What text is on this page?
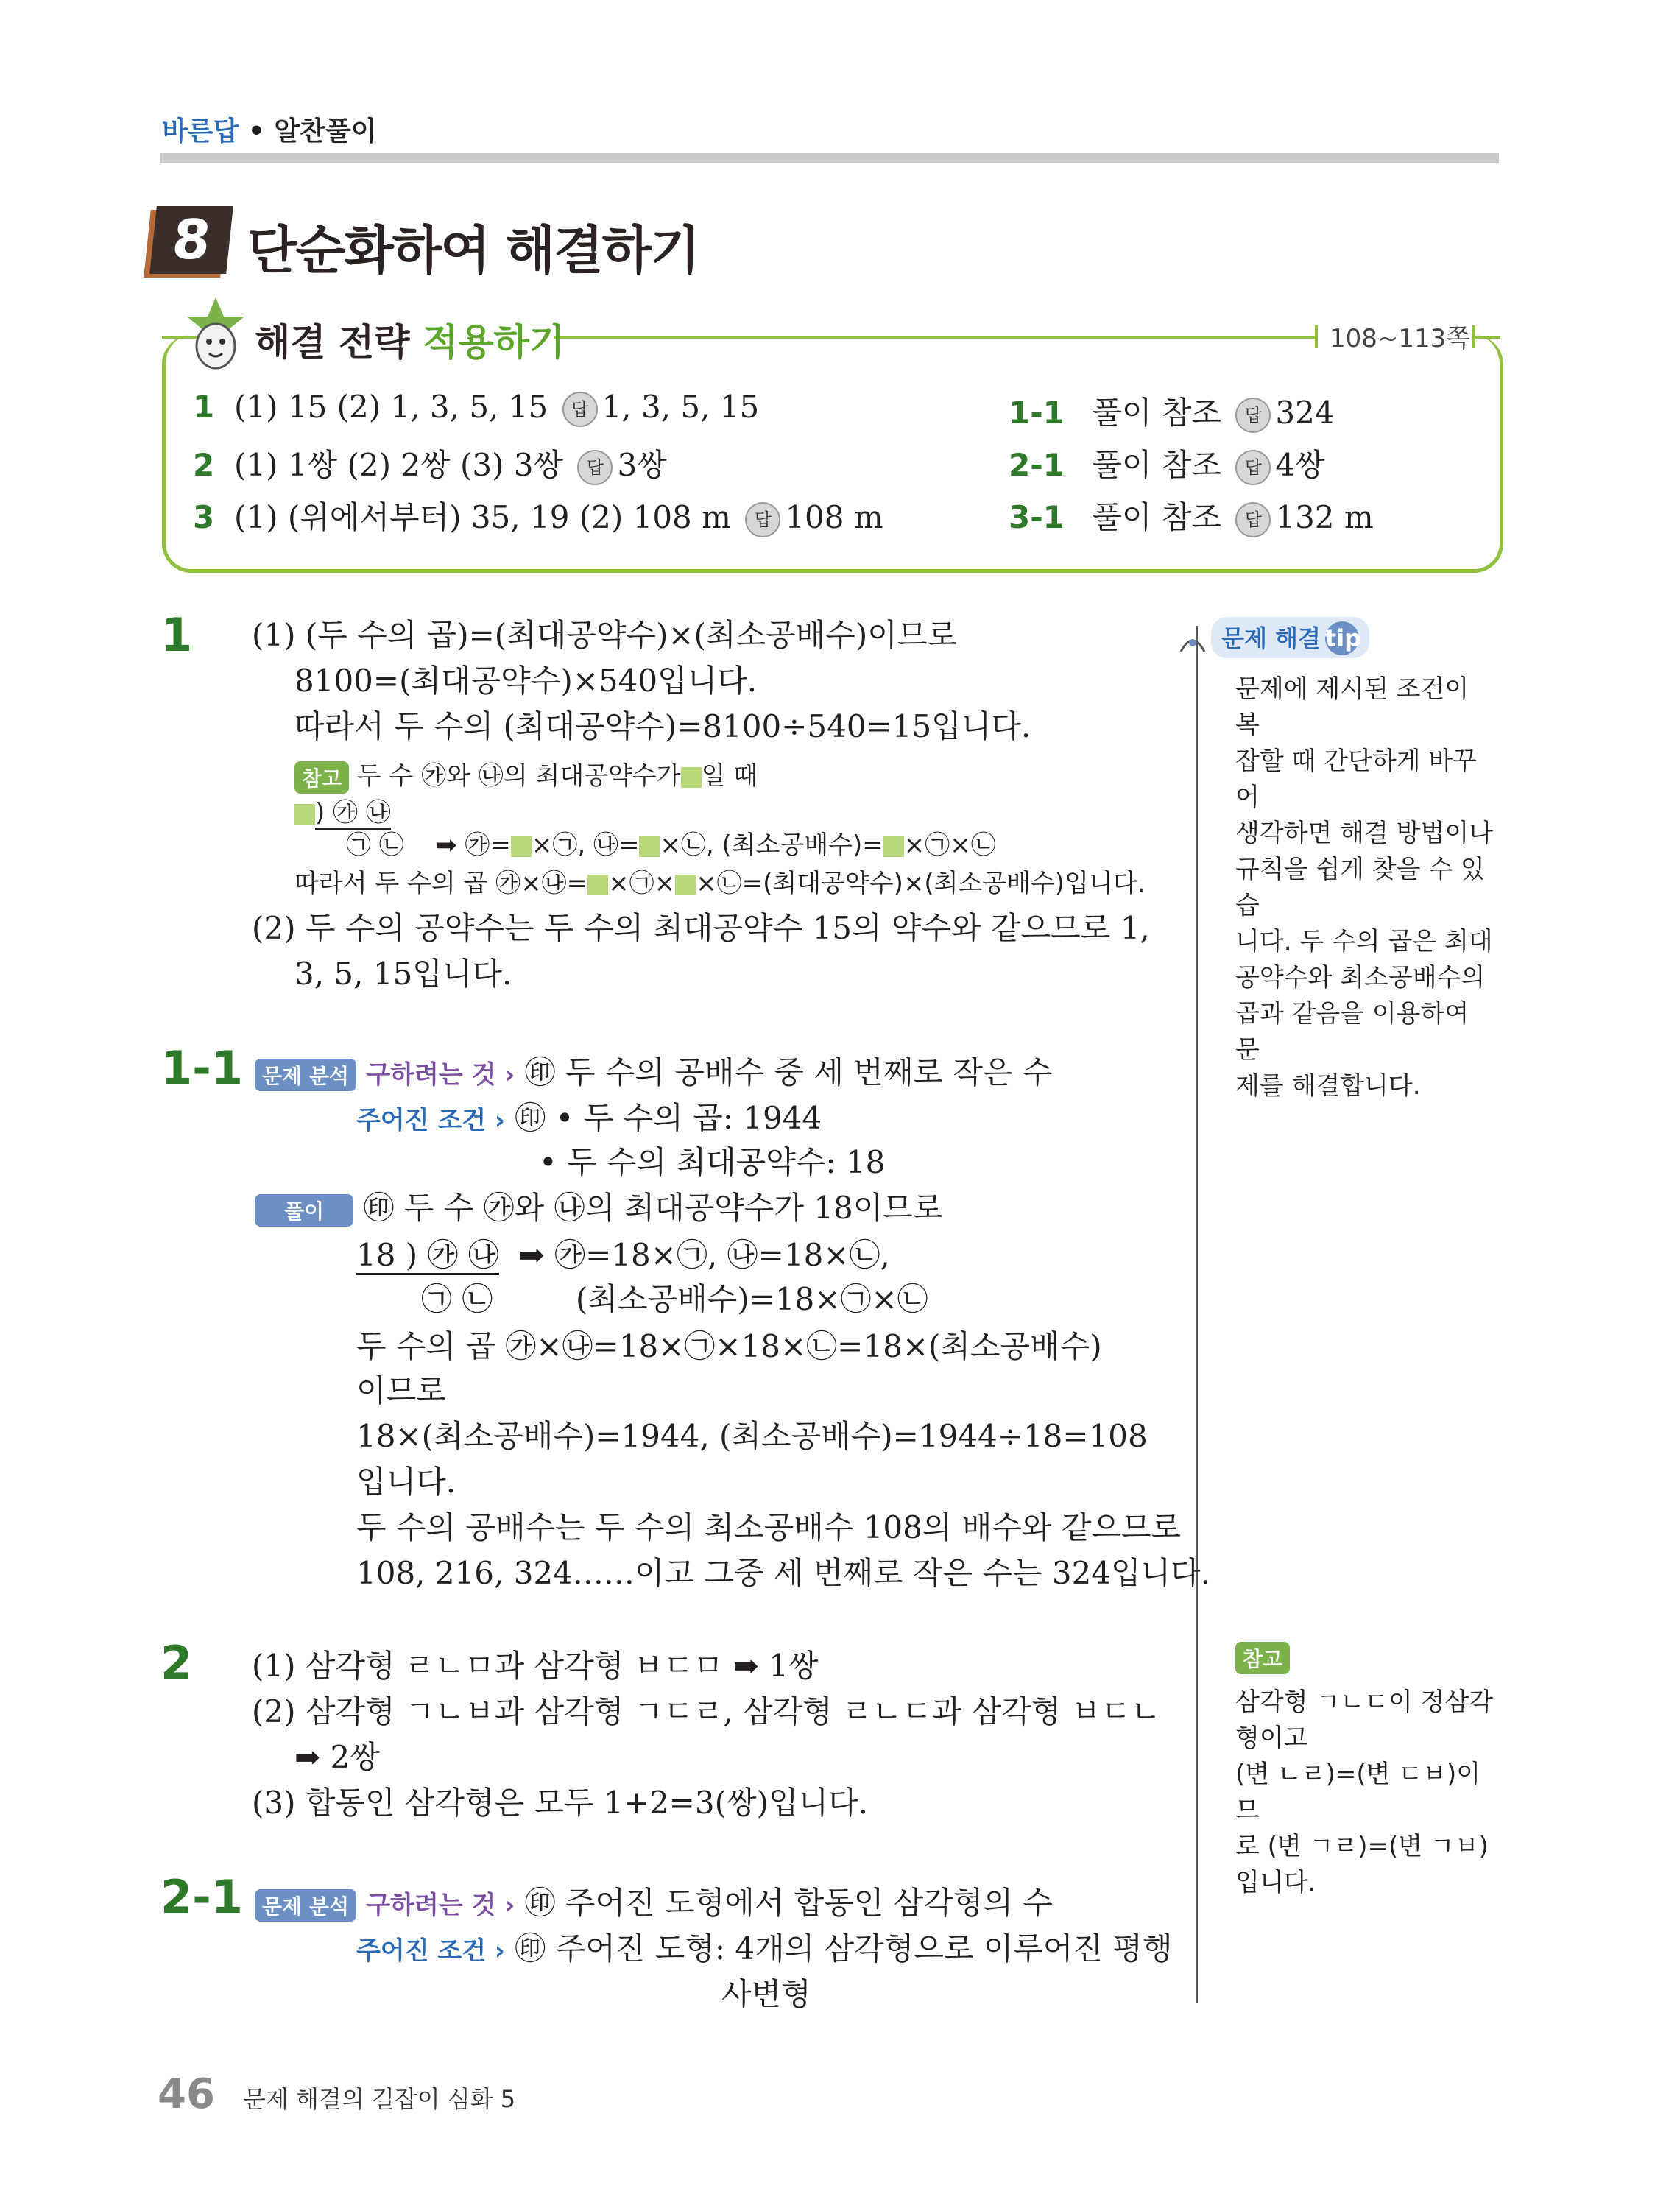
바른답 • 알찬풀이
8 단순화하여 해결하기
해결 전략 적용하기	108~113쪽
1 (1) 15 (2) 1, 3, 5, 15 답 1, 3, 5, 15
2 (1) 1쌍 (2) 2쌍 (3) 3쌍 답 3쌍
3 (1) (위에서부터) 35, 19 (2) 108 m 답 108 m
1-1 풀이 참조 답 324
2-1 풀이 참조 답 4쌍
3-1 풀이 참조 답 132 m
문제 해결 tip
문제에 제시된 조건이 복
잡할 때 간단하게 바꾸어
생각하면 해결 방법이나
규칙을 쉽게 찾을 수 있습
니다. 두 수의 곱은 최대
공약수와 최소공배수의
곱과 같음을 이용하여 문
제를 해결합니다.
참고
삼각형 ㄱㄴㄷ이 정삼각
형이고
(변 ㄴㄹ)=(변 ㄷㅂ)이므
로 (변 ㄱㄹ)=(변 ㄱㅂ)
입니다.
1 (1) (두 수의 곱)=(최대공약수)×(최소공배수)이므로
8100=(최대공약수)×540입니다.
따라서 두 수의 (최대공약수)=8100÷540=15입니다.
참고 두 수 ㉮와 ㉯의 최대공약수가 일 때
) ㉮ ㉯
㉠ ㉡ ➡ ㉮= ×㉠, ㉯= ×㉡, (최소공배수)= ×㉠×㉡
따라서 두 수의 곱 ㉮×㉯= ×㉠× ×㉡=(최대공약수)×(최소공배수)입니다.
(2) 두 수의 공약수는 두 수의 최대공약수 15의 약수와 같으므로 1,
3, 5, 15입니다.
1-1 문제 분석 구하려는 것 › ㊞ 두 수의 공배수 중 세 번째로 작은 수
주어진 조건 › ㊞ • 두 수의 곱: 1944
• 두 수의 최대공약수: 18
풀이 ㊞ 두 수 ㉮와 ㉯의 최대공약수가 18이므로
18 ) ㉮ ㉯ ➡ ㉮=18×㉠, ㉯=18×㉡,
㉠ ㉡	(최소공배수)=18×㉠×㉡
두 수의 곱 ㉮×㉯=18×㉠×18×㉡=18×(최소공배수)
이므로
18×(최소공배수)=1944, (최소공배수)=1944÷18=108
입니다.
두 수의 공배수는 두 수의 최소공배수 108의 배수와 같으므로
108, 216, 324……이고 그중 세 번째로 작은 수는 324입니다.
2 (1) 삼각형 ㄹㄴㅁ과 삼각형 ㅂㄷㅁ ➡ 1쌍
(2) 삼각형 ㄱㄴㅂ과 삼각형 ㄱㄷㄹ, 삼각형 ㄹㄴㄷ과 삼각형 ㅂㄷㄴ
➡ 2쌍
(3) 합동인 삼각형은 모두 1+2=3(쌍)입니다.
2-1 문제 분석 구하려는 것 › ㊞ 주어진 도형에서 합동인 삼각형의 수
주어진 조건 › ㊞ 주어진 도형: 4개의 삼각형으로 이루어진 평행
사변형
46 문제 해결의 길잡이 심화 5
